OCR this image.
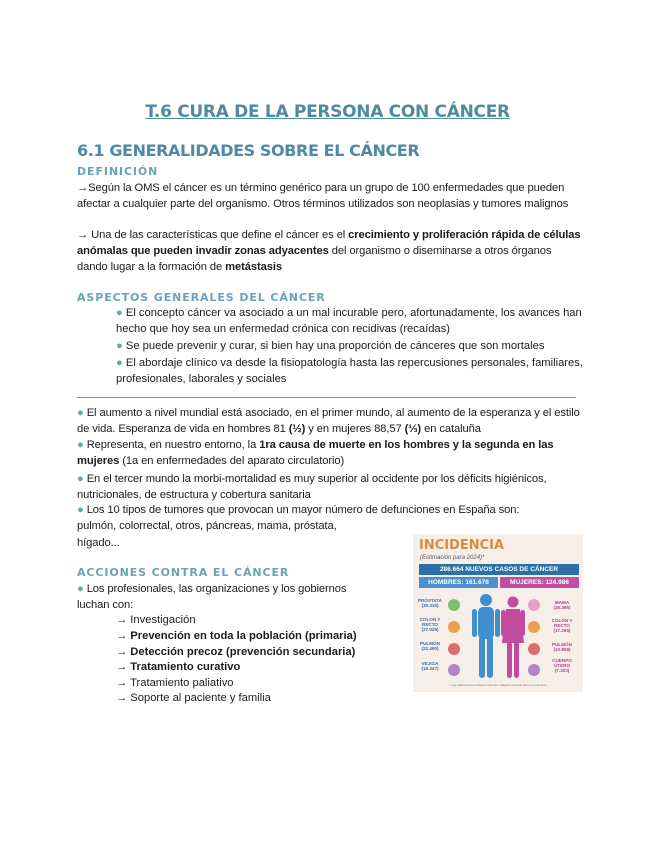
T.6 CURA DE LA PERSONA CON CÁNCER
6.1 GENERALIDADES SOBRE EL CÁNCER
DEFINICIÓN

→Según la OMS el cáncer es un término genérico para un grupo de 100 enfermedades que pueden afectar a cualquier parte del organismo. Otros términos utilizados son neoplasias y tumores malignos

→ Una de las características que define el cáncer es el crecimiento y proliferación rápida de células anómalas que pueden invadir zonas adyacentes del organismo o diseminarse a otros órganos dando lugar a la formación de metástasis

ASPECTOS GENERALES DEL CÁNCER

● El concepto cáncer va asociado a un mal incurable pero, afortunadamente, los avances han hecho que hoy sea un enfermedad crónica con recidivas (recaídas)

● Se puede prevenir y curar, si bien hay una proporción de cánceres que son mortales

● El abordaje clínico va desde la fisiopatología hasta las repercusiones personales, familiares, profesionales, laborales y sociales

● El aumento a nivel mundial está asociado, en el primer mundo, al aumento de la esperanza y el estilo de vida. Esperanza de vida en hombres 81 (½) y en mujeres 88,57 (⅓) en cataluña

● Representa, en nuestro entorno, la 1ra causa de muerte en los hombres y la segunda en las mujeres (1a en enfermedades del aparato circulatorio)

● En el tercer mundo la morbi-mortalidad es muy superior al occidente por los déficits higiénicos, nutricionales, de estructura y cobertura sanitaria

● Los 10 tipos de tumores que provocan un mayor número de defunciones en España son:

pulmón, colorrectal, otros, páncreas, mama, próstata,

hígado...

ACCIONES CONTRA EL CÁNCER

● Los profesionales, las organizaciones y los gobiernos

luchan con:

→ Investigación

→ Prevención en toda la población (primaria)

→ Detección precoz (prevención secundaria)

→ Tratamiento curativo

→ Tratamiento paliativo

→ Soporte al paciente y familia

INCIDENCIA
(Estimación para 2024)*
286.664 NUEVOS CASOS DE CÁNCER
HOMBRES: 161.678	MUJERES: 124.986
PRÓSTATA (30.316)
COLON Y RECTO (27.026)
PULMÓN (22.490)
VEJIGA (18.347)
MAMA (36.395)
COLON Y RECTO (17.285)
PULMÓN (10.855)
CUERPO ÚTERO (7.303)
* Las estimaciones incluyen tumores malignos excepto piel no melanoma
